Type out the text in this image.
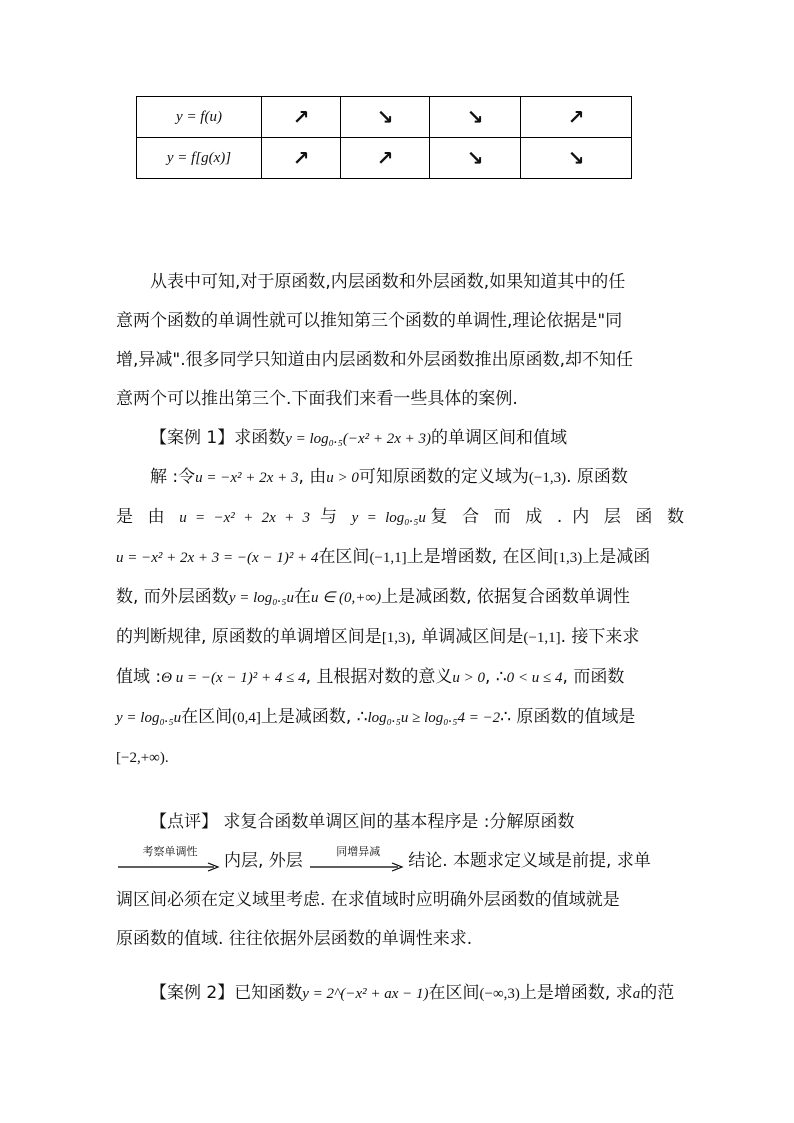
y = f(u)	↗	↘	↘	↗
y = f[g(x)]	↗	↗	↘	↘
从表中可知,对于原函数,内层函数和外层函数,如果知道其中的任
意两个函数的单调性就可以推知第三个函数的单调性,理论依据是"同
增,异减".很多同学只知道由内层函数和外层函数推出原函数,却不知任
意两个可以推出第三个.下面我们来看一些具体的案例.
【案例 1】求函数y = log₀.₅(−x² + 2x + 3)的单调区间和值域
解 :令u = −x² + 2x + 3, 由u > 0可知原函数的定义域为(−1,3). 原函数
是 由 u = −x² + 2x + 3 与 y = log₀.₅u复 合 而 成 . 内 层 函 数
u = −x² + 2x + 3 = −(x − 1)² + 4在区间(−1,1]上是增函数, 在区间[1,3)上是减函
数, 而外层函数y = log₀.₅u在u ∈ (0,+∞)上是减函数, 依据复合函数单调性
的判断规律, 原函数的单调增区间是[1,3), 单调减区间是(−1,1]. 接下来求
值域 :Θ u = −(x − 1)² + 4 ≤ 4, 且根据对数的意义u > 0, ∴0 < u ≤ 4, 而函数
y = log₀.₅u在区间(0,4]上是减函数, ∴log₀.₅u ≥ log₀.₅4 = −2∴ 原函数的值域是
[−2,+∞).
【点评】 求复合函数单调区间的基本程序是 :分解原函数
考察单调性	内层, 外层	同增异减	结论. 本题求定义域是前提, 求单
调区间必须在定义域里考虑. 在求值域时应明确外层函数的值域就是
原函数的值域. 往往依据外层函数的单调性来求.
【案例 2】已知函数y = 2^(−x² + ax − 1)在区间(−∞,3)上是增函数, 求a的范
